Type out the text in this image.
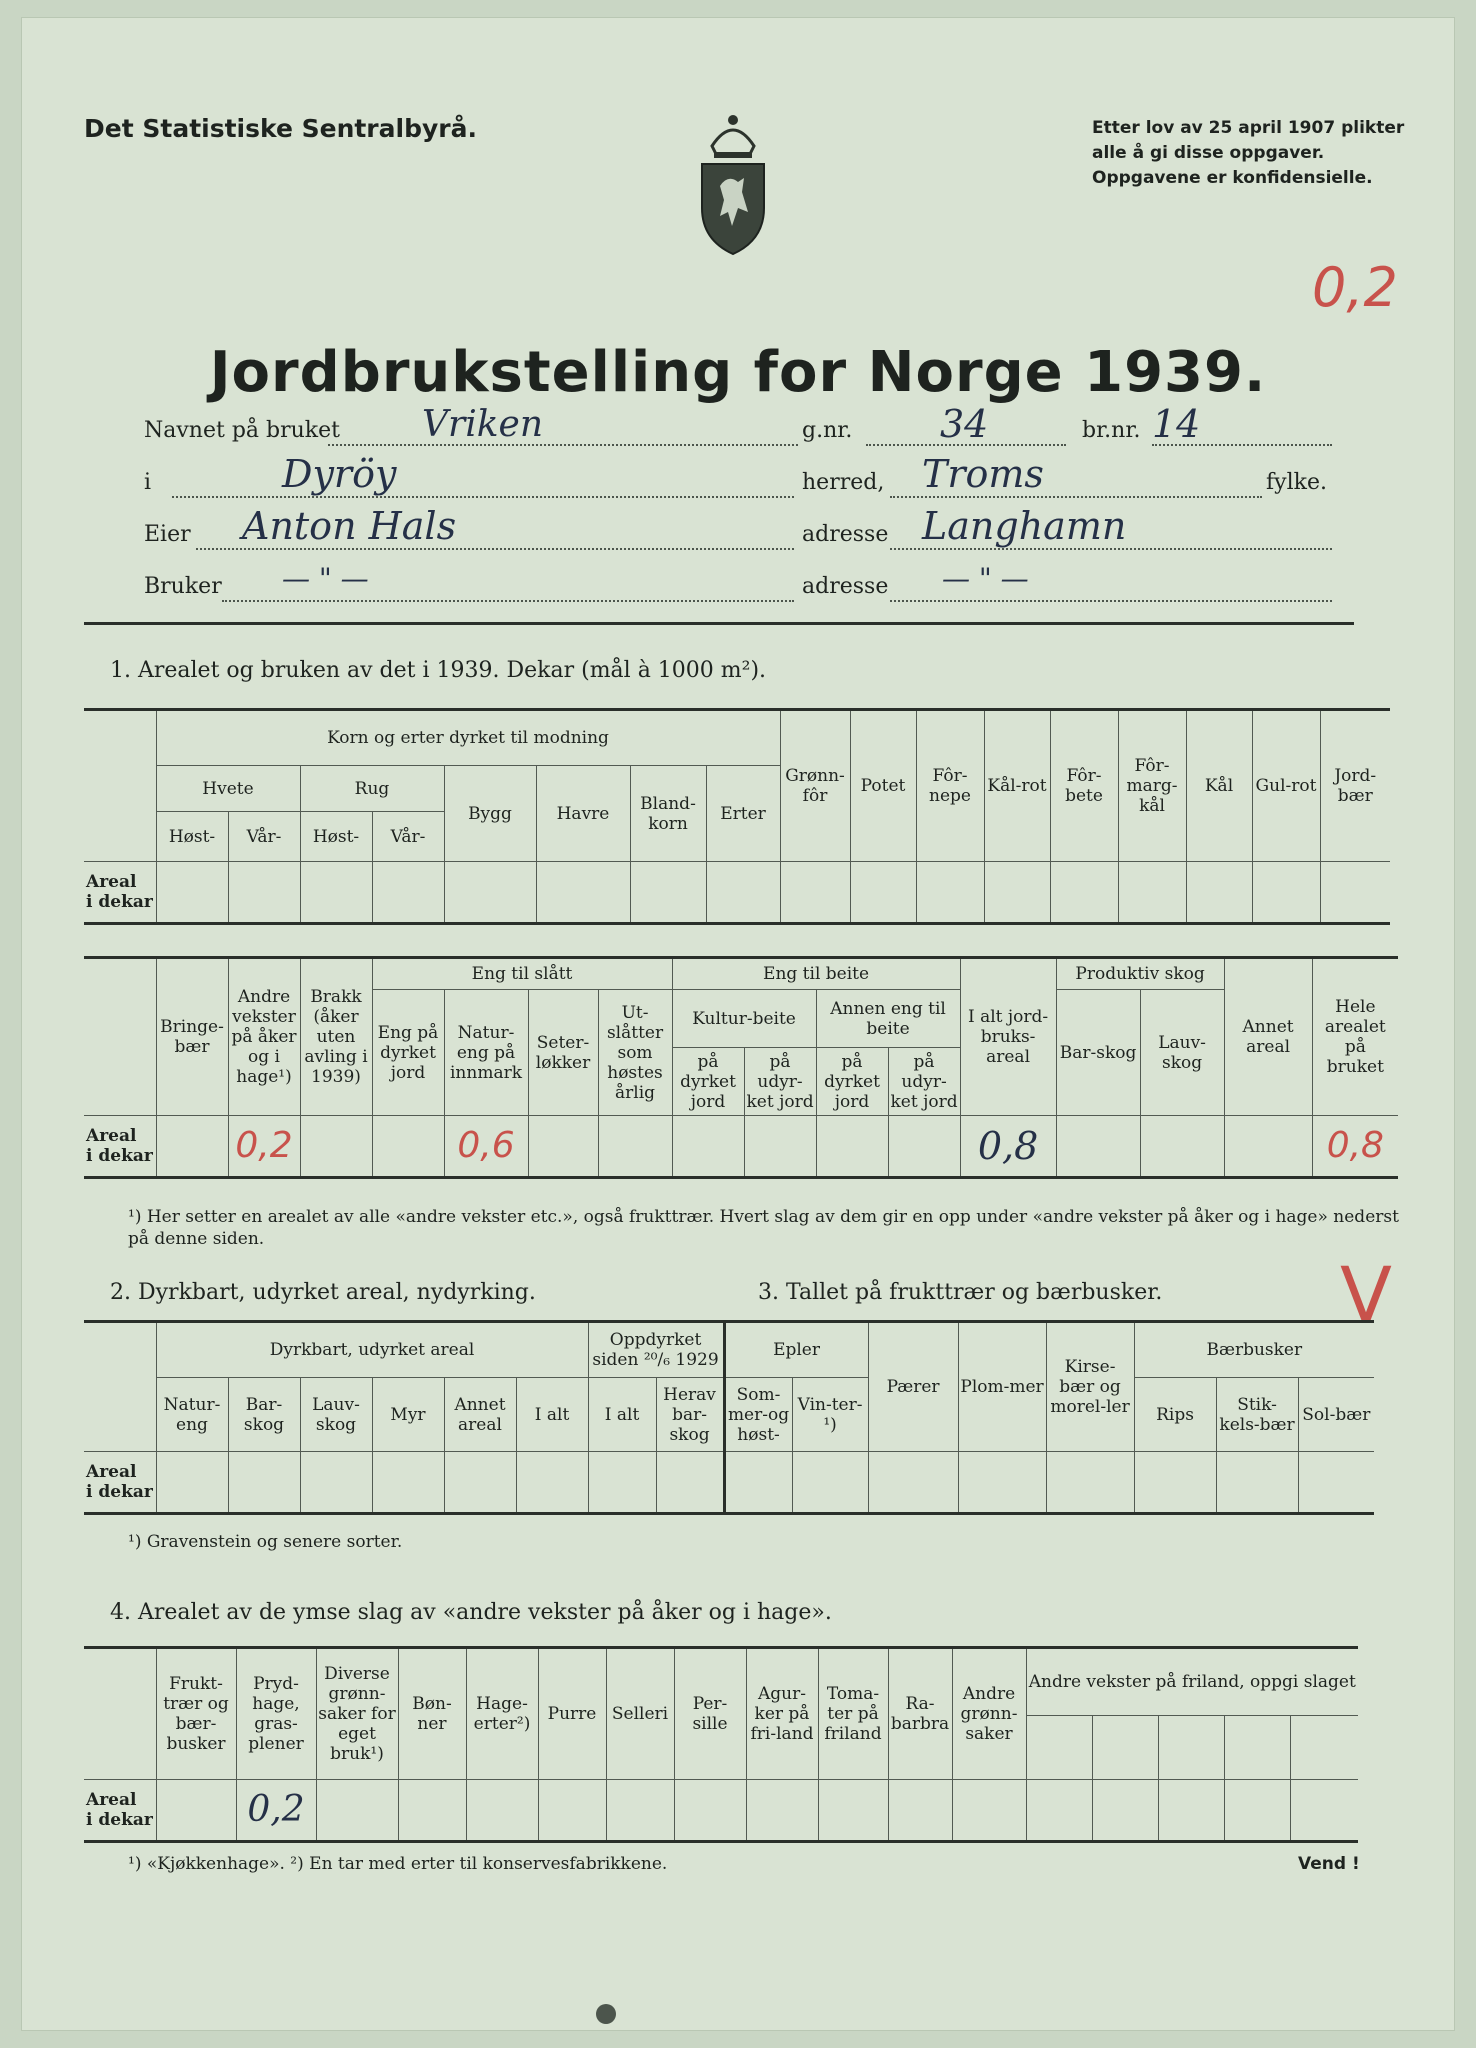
Det Statistiske Sentralbyrå.	Etter lov av 25 april 1907 plikter
alle å gi disse oppgaver.
Oppgavene er konfidensielle.
0,2
Jordbrukstelling for Norge 1939.
Navnet på bruket Vriken	g.nr. 34	br.nr. 14
i	Dyröy	herred, Troms	fylke.
Eier Anton Hals	adresse Langhamn
Bruker — " —	adresse — " —
1. Arealet og bruken av det i 1939. Dekar (mål à 1000 m²).
	Korn og erter dyrket til modning								Grønn-fôr	Potet	Fôr-nepe	Kål-rot	Fôr-bete	Fôr-marg-kål	Kål	Gul-rot	Jord-bær
	Hvete		Rug		Bygg	Havre	Bland-korn	Erter									
	Høst-	Vår-	Høst-	Vår-													
Areal
i dekar																	
	Bringe-bær	Andre vekster på åker og i hage¹)	Brakk (åker uten avling i 1939)	Eng til slått				Eng til beite				I alt jord-bruks-areal	Produktiv skog		Annet areal	Hele arealet på bruket
				Eng på dyrket jord	Natur-eng på innmark	Seter-løkker	Ut-slåtter som høstes årlig	Kultur-beite		Annen eng til beite			Bar-skog	Lauv-skog		
								på dyrket jord	på udyr-ket jord	på dyrket jord	på udyr-ket jord					
Areal
i dekar		0,2			0,6							0,8				0,8
¹) Her setter en arealet av alle «andre vekster etc.», også frukttrær. Hvert slag av dem gir en opp under «andre vekster på åker og i hage» nederst på denne siden.
V
2. Dyrkbart, udyrket areal, nydyrking.	3. Tallet på frukttrær og bærbusker.
	Dyrkbart, udyrket areal						Oppdyrket siden ²⁰/₆ 1929		Epler		Pærer	Plom-mer	Kirse-bær og morel-ler	Bærbusker		
	Natur-eng	Bar-skog	Lauv-skog	Myr	Annet areal	I alt	I alt	Herav bar-skog	Som-mer-og høst-	Vin-ter-¹)				Rips	Stik-kels-bær	Sol-bær
Areal
i dekar																
¹) Gravenstein og senere sorter.
4. Arealet av de ymse slag av «andre vekster på åker og i hage».
	Frukt-trær og bær-busker	Pryd-hage, gras-plener	Diverse grønn-saker for eget bruk¹)	Bøn-ner	Hage-erter²)	Purre	Selleri	Per-sille	Agur-ker på fri-land	Toma-ter på friland	Ra-barbra	Andre grønn-saker	Andre vekster på friland, oppgi slaget				

Areal
i dekar		0,2															
¹) «Kjøkkenhage». ²) En tar med erter til konservesfabrikkene.	Vend !
